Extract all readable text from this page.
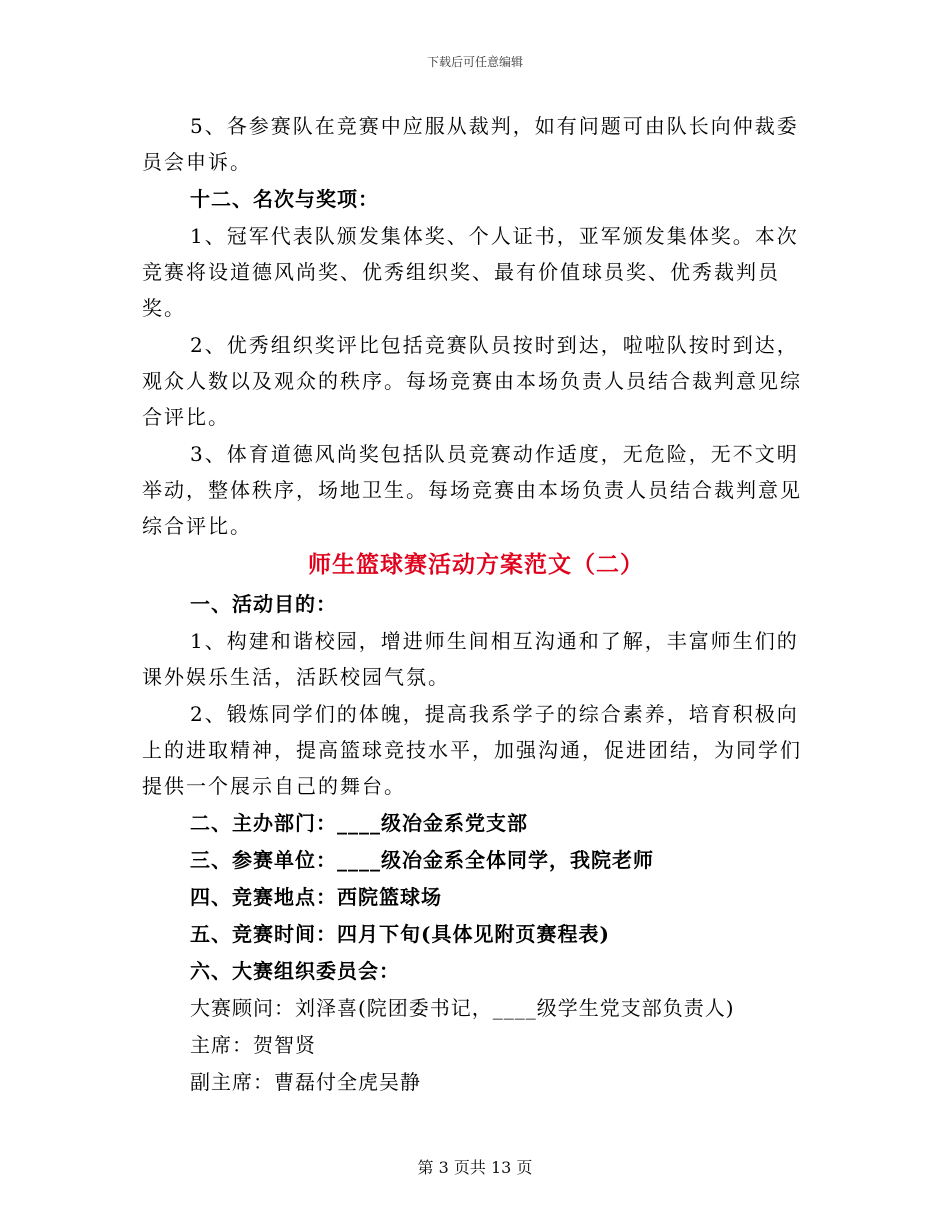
下载后可任意编辑

5、各参赛队在竞赛中应服从裁判，如有问题可由队长向仲裁委员会申诉。

十二、名次与奖项：

1、冠军代表队颁发集体奖、个人证书，亚军颁发集体奖。本次竞赛将设道德风尚奖、优秀组织奖、最有价值球员奖、优秀裁判员奖。

2、优秀组织奖评比包括竞赛队员按时到达，啦啦队按时到达，观众人数以及观众的秩序。每场竞赛由本场负责人员结合裁判意见综合评比。

3、体育道德风尚奖包括队员竞赛动作适度，无危险，无不文明举动，整体秩序，场地卫生。每场竞赛由本场负责人员结合裁判意见综合评比。

师生篮球赛活动方案范文（二）

一、活动目的：

1、构建和谐校园，增进师生间相互沟通和了解，丰富师生们的课外娱乐生活，活跃校园气氛。

2、锻炼同学们的体魄，提高我系学子的综合素养，培育积极向上的进取精神，提高篮球竞技水平，加强沟通，促进团结，为同学们提供一个展示自己的舞台。

二、主办部门：____级冶金系党支部

三、参赛单位：____级冶金系全体同学，我院老师

四、竞赛地点：西院篮球场

五、竞赛时间：四月下旬(具体见附页赛程表)

六、大赛组织委员会：

大赛顾问：刘泽喜(院团委书记，____级学生党支部负责人)

主席：贺智贤

副主席：曹磊付全虎吴静

第 3 页共 13 页
